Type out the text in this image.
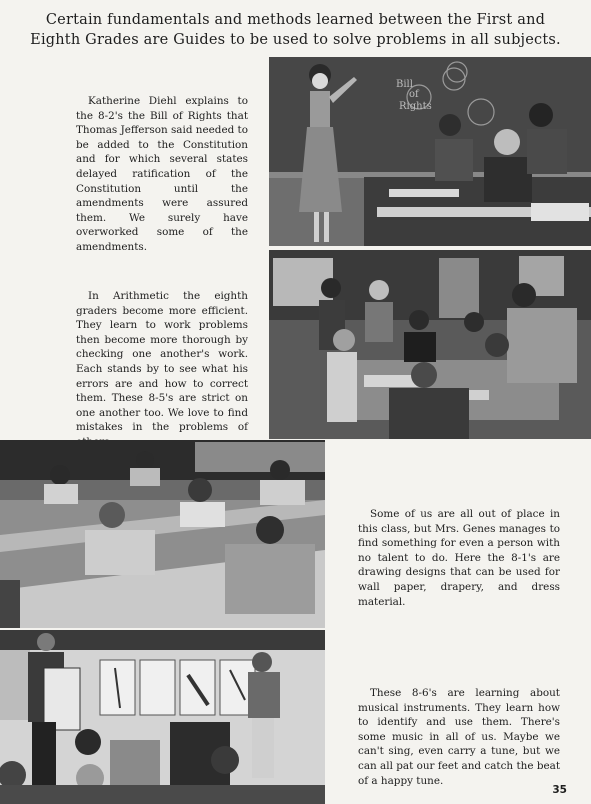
Certain fundamentals and methods learned between the First and Eighth Grades are Guides to be used to solve problems in all subjects.
Bill
of
Rights
Katherine Diehl explains to the 8-2's the Bill of Rights that Thomas Jefferson said needed to be added to the Constitution and for which several states delayed ratification of the Constitution until the amendments were assured them. We surely have overworked some of the amendments.
In Arithmetic the eighth graders become more efficient. They learn to work problems then become more thorough by checking one another's work. Each stands by to see what his errors are and how to correct them. These 8-5's are strict on one another too. We love to find mistakes in the problems of
Some of us are all out of place in this class, but Mrs. Genes manages to find something for even a person with no talent to do. Here the 8-1's are drawing designs that can be used for wall paper, drapery, and dress material.
These 8-6's are learning about musical instruments. They learn how to identify and use them. There's some music in all of us. Maybe we can't sing, even carry a tune, but we can all pat our feet and catch the beat of a happy tune.
35
